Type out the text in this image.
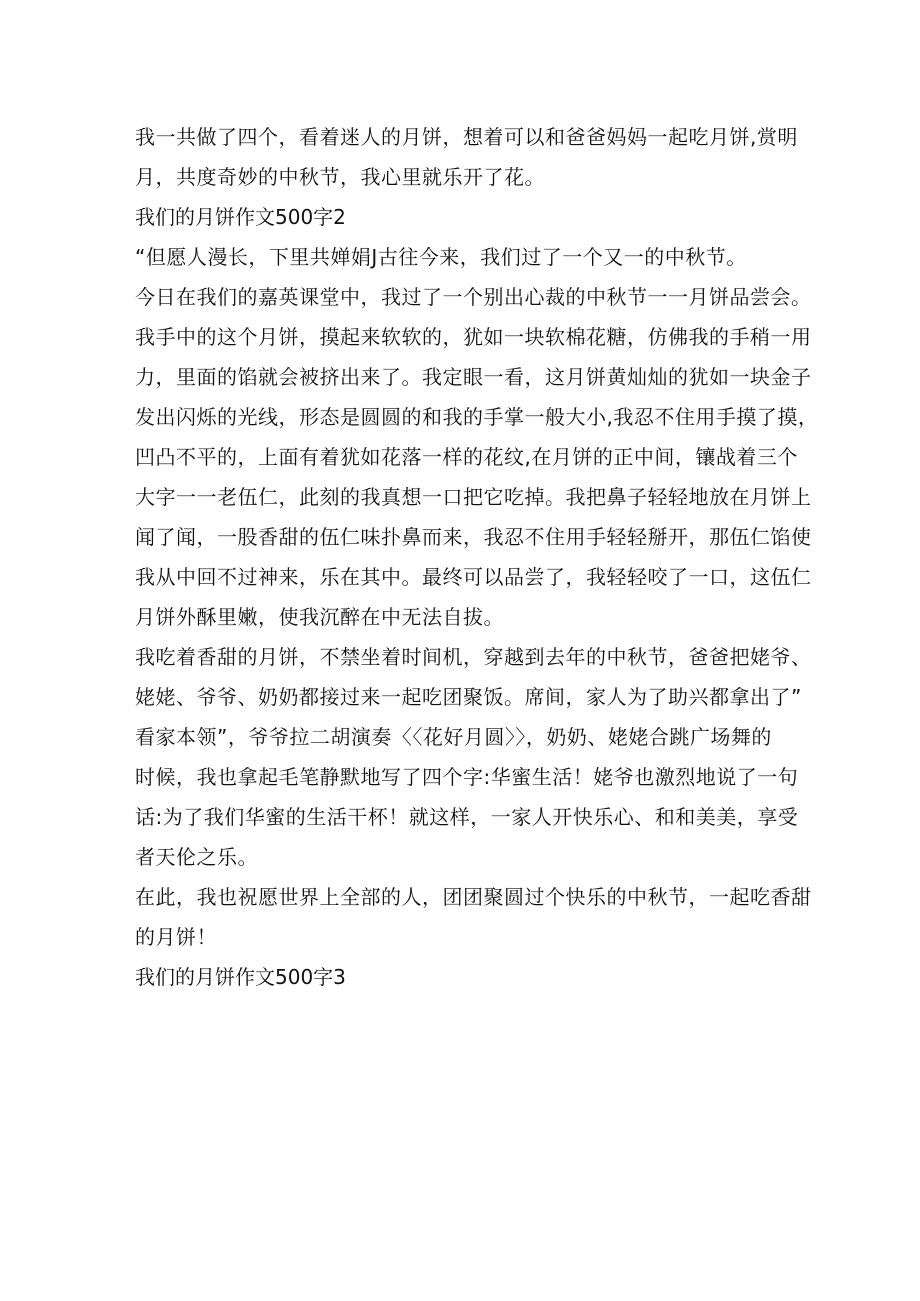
我一共做了四个，看着迷人的月饼，想着可以和爸爸妈妈一起吃月饼,赏明
月，共度奇妙的中秋节，我心里就乐开了花。
我们的月饼作文500字2
“但愿人漫长，下里共婵娟J古往今来，我们过了一个又一的中秋节。
今日在我们的嘉英课堂中，我过了一个别出心裁的中秋节一一月饼品尝会。
我手中的这个月饼，摸起来软软的，犹如一块软棉花糖，仿佛我的手稍一用
力，里面的馅就会被挤出来了。我定眼一看，这月饼黄灿灿的犹如一块金子
发出闪烁的光线，形态是圆圆的和我的手掌一般大小,我忍不住用手摸了摸，
凹凸不平的，上面有着犹如花落一样的花纹,在月饼的正中间，镶战着三个
大字一一老伍仁，此刻的我真想一口把它吃掉。我把鼻子轻轻地放在月饼上
闻了闻，一股香甜的伍仁味扑鼻而来，我忍不住用手轻轻掰开，那伍仁馅使
我从中回不过神来，乐在其中。最终可以品尝了，我轻轻咬了一口，这伍仁
月饼外酥里嫩，使我沉醉在中无法自拔。
我吃着香甜的月饼，不禁坐着时间机，穿越到去年的中秋节，爸爸把姥爷、
姥姥、爷爷、奶奶都接过来一起吃团聚饭。席间，家人为了助兴都拿出了”
看家本领”，爷爷拉二胡演奏〈〈花好月圆〉〉，奶奶、姥姥合跳广场舞的
时候，我也拿起毛笔静默地写了四个字:华蜜生活！姥爷也激烈地说了一句
话:为了我们华蜜的生活干杯！就这样，一家人开快乐心、和和美美，享受
者天伦之乐。
在此，我也祝愿世界上全部的人，团团聚圆过个快乐的中秋节，一起吃香甜
的月饼！
我们的月饼作文500字3
